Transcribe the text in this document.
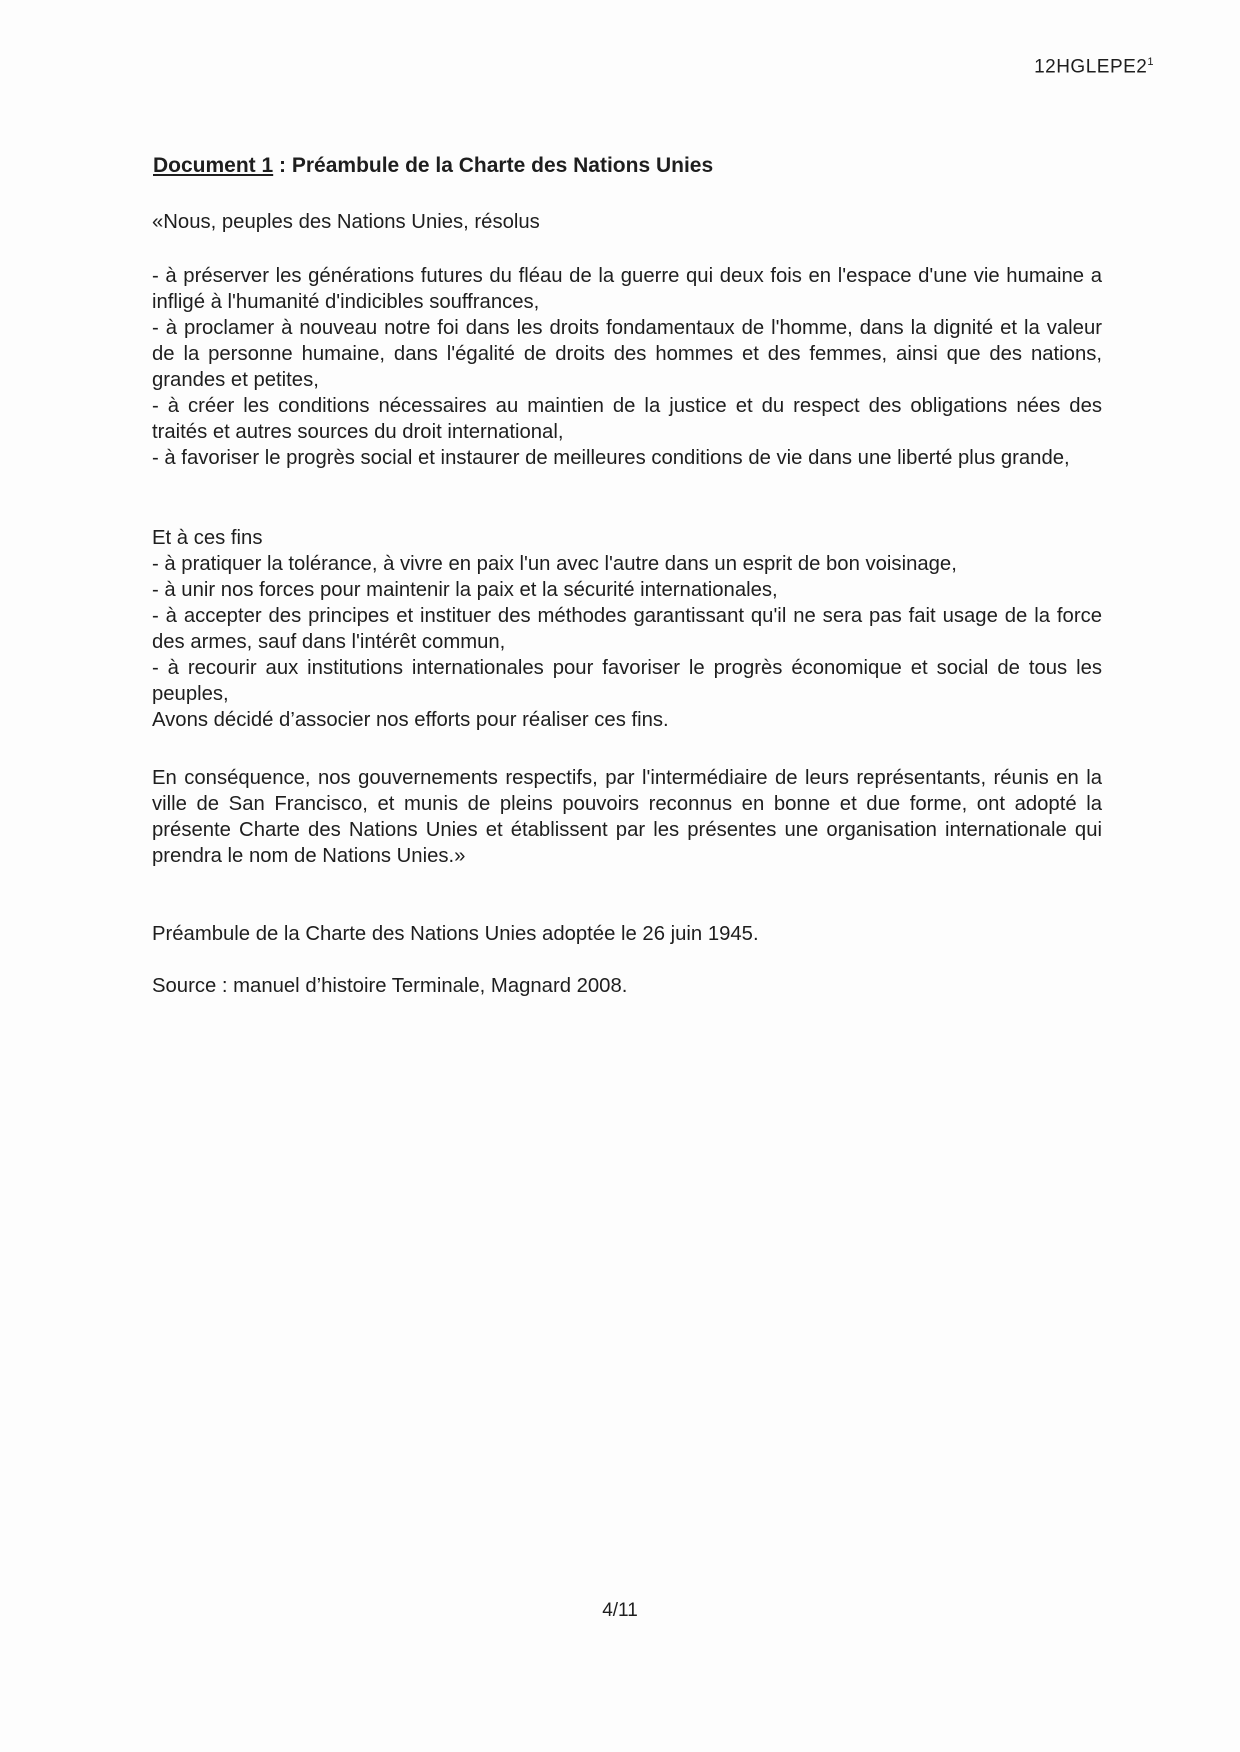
$12HGLEPE2^1$
Document 1 : Préambule de la Charte des Nations Unies

«Nous, peuples des Nations Unies, résolus

- à préserver les générations futures du fléau de la guerre qui deux fois en l'espace d'une vie humaine a infligé à l'humanité d'indicibles souffrances,

- à proclamer à nouveau notre foi dans les droits fondamentaux de l'homme, dans la dignité et la valeur de la personne humaine, dans l'égalité de droits des hommes et des femmes, ainsi que des nations, grandes et petites,

- à créer les conditions nécessaires au maintien de la justice et du respect des obligations nées des traités et autres sources du droit international,

- à favoriser le progrès social et instaurer de meilleures conditions de vie dans une liberté plus grande,

Et à ces fins

- à pratiquer la tolérance, à vivre en paix l'un avec l'autre dans un esprit de bon voisinage,

- à unir nos forces pour maintenir la paix et la sécurité internationales,

- à accepter des principes et instituer des méthodes garantissant qu'il ne sera pas fait usage de la force des armes, sauf dans l'intérêt commun,

- à recourir aux institutions internationales pour favoriser le progrès économique et social de tous les peuples,

Avons décidé d’associer nos efforts pour réaliser ces fins.

En conséquence, nos gouvernements respectifs, par l'intermédiaire de leurs représentants, réunis en la ville de San Francisco, et munis de pleins pouvoirs reconnus en bonne et due forme, ont adopté la présente Charte des Nations Unies et établissent par les présentes une organisation internationale qui prendra le nom de Nations Unies.»

Préambule de la Charte des Nations Unies adoptée le 26 juin 1945.

Source : manuel d’histoire Terminale, Magnard 2008.

4/11
